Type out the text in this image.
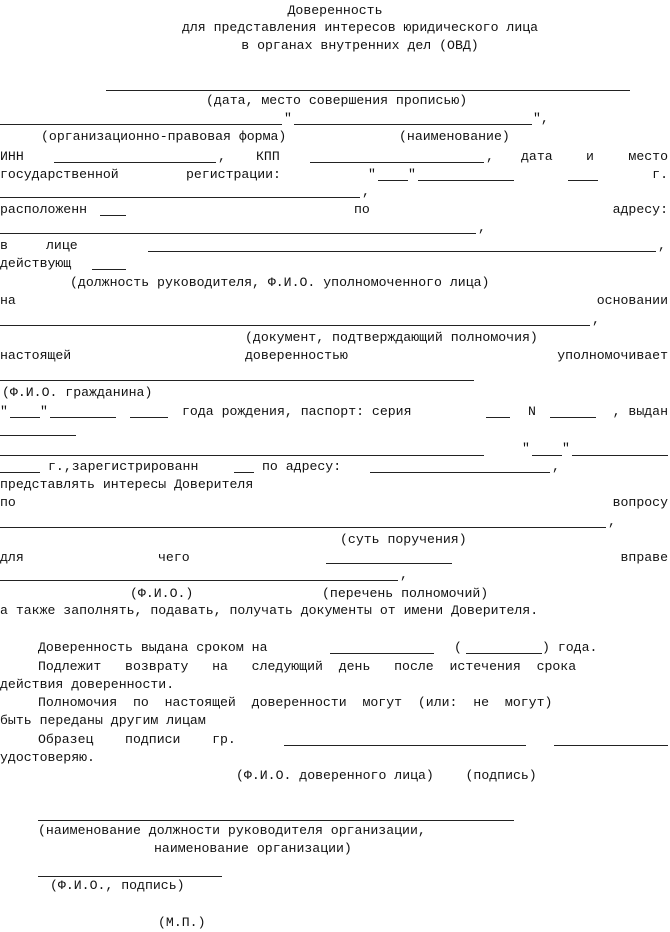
Доверенность
для представления интересов юридического лица
в органах внутренних дел (ОВД)
(дата, место совершения прописью)
"	",
(организационно-правовая форма)	(наименование)
ИНН	, КПП	, дата	и	место
государственной	регистрации:	" "	г.
,
расположенн	по	адресу:
,
в	лице	,
действующ
(должность руководителя, Ф.И.О. уполномоченного лица)
на	основании
,
(документ, подтверждающий полномочия)
настоящей	доверенностью	уполномочивает
(Ф.И.О. гражданина)
" "	года рождения, паспорт: серия	N	, выдан
" "
г.,зарегистрированн	по адресу:	,
представлять интересы Доверителя
по	вопросу
,
(суть поручения)
для	чего	вправе
,
(Ф.И.О.)	(перечень полномочий)
а также заполнять, подавать, получать документы от имени Доверителя.
Доверенность выдана сроком на	(	) года.
Подлежит   возврату   на   следующий  день   после  истечения  срока
действия доверенности.
Полномочия  по  настоящей  доверенности  могут  (или:  не  могут)
быть переданы другим лицам
Образец    подписи    гр.
удостоверяю.
(Ф.И.О. доверенного лица)    (подпись)
(наименование должности руководителя организации,
наименование организации)
(Ф.И.О., подпись)
(М.П.)
